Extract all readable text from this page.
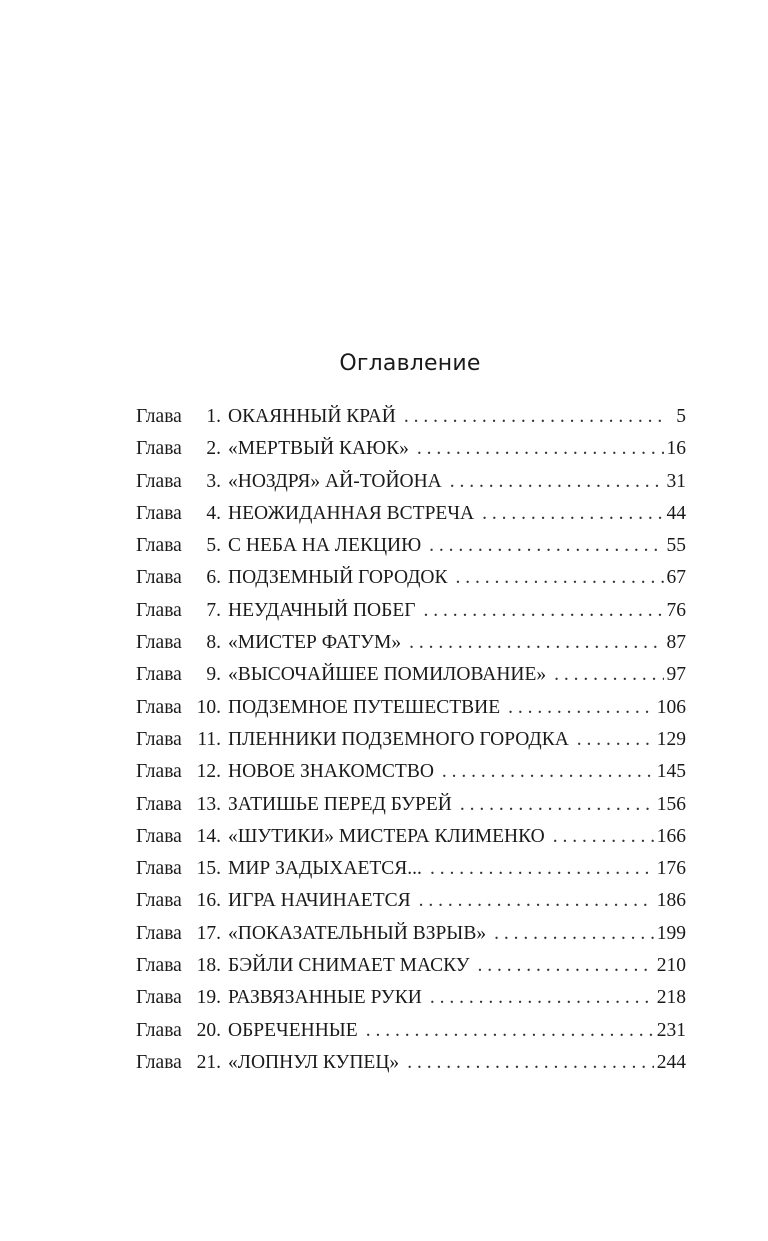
Оглавление
Глава	1. ОКАЯННЫЙ КРАЙ . . .	5
Глава	2. «МЕРТВЫЙ КАЮК» . . .	16
Глава	3. «НОЗДРЯ» АЙ-ТОЙОНА . . .	31
Глава	4. НЕОЖИДАННАЯ ВСТРЕЧА . . .	44
Глава	5. С НЕБА НА ЛЕКЦИЮ . . .	55
Глава	6. ПОДЗЕМНЫЙ ГОРОДОК . . .	67
Глава	7. НЕУДАЧНЫЙ ПОБЕГ . . .	76
Глава	8. «МИСТЕР ФАТУМ» . . .	87
Глава	9. «ВЫСОЧАЙШЕЕ ПОМИЛОВАНИЕ» . . .	97
Глава 10. ПОДЗЕМНОЕ ПУТЕШЕСТВИЕ . . .	106
Глава 11. ПЛЕННИКИ ПОДЗЕМНОГО ГОРОДКА . . .	129
Глава 12. НОВОЕ ЗНАКОМСТВО . . .	145
Глава 13. ЗАТИШЬЕ ПЕРЕД БУРЕЙ . . .	156
Глава 14. «ШУТИКИ» МИСТЕРА КЛИМЕНКО . . .	166
Глава 15. МИР ЗАДЫХАЕТСЯ... . . .	176
Глава 16. ИГРА НАЧИНАЕТСЯ . . .	186
Глава 17. «ПОКАЗАТЕЛЬНЫЙ ВЗРЫВ» . . .	199
Глава 18. БЭЙЛИ СНИМАЕТ МАСКУ . . .	210
Глава 19. РАЗВЯЗАННЫЕ РУКИ . . .	218
Глава 20. ОБРЕЧЕННЫЕ . . .	231
Глава 21. «ЛОПНУЛ КУПЕЦ» . . .	244
